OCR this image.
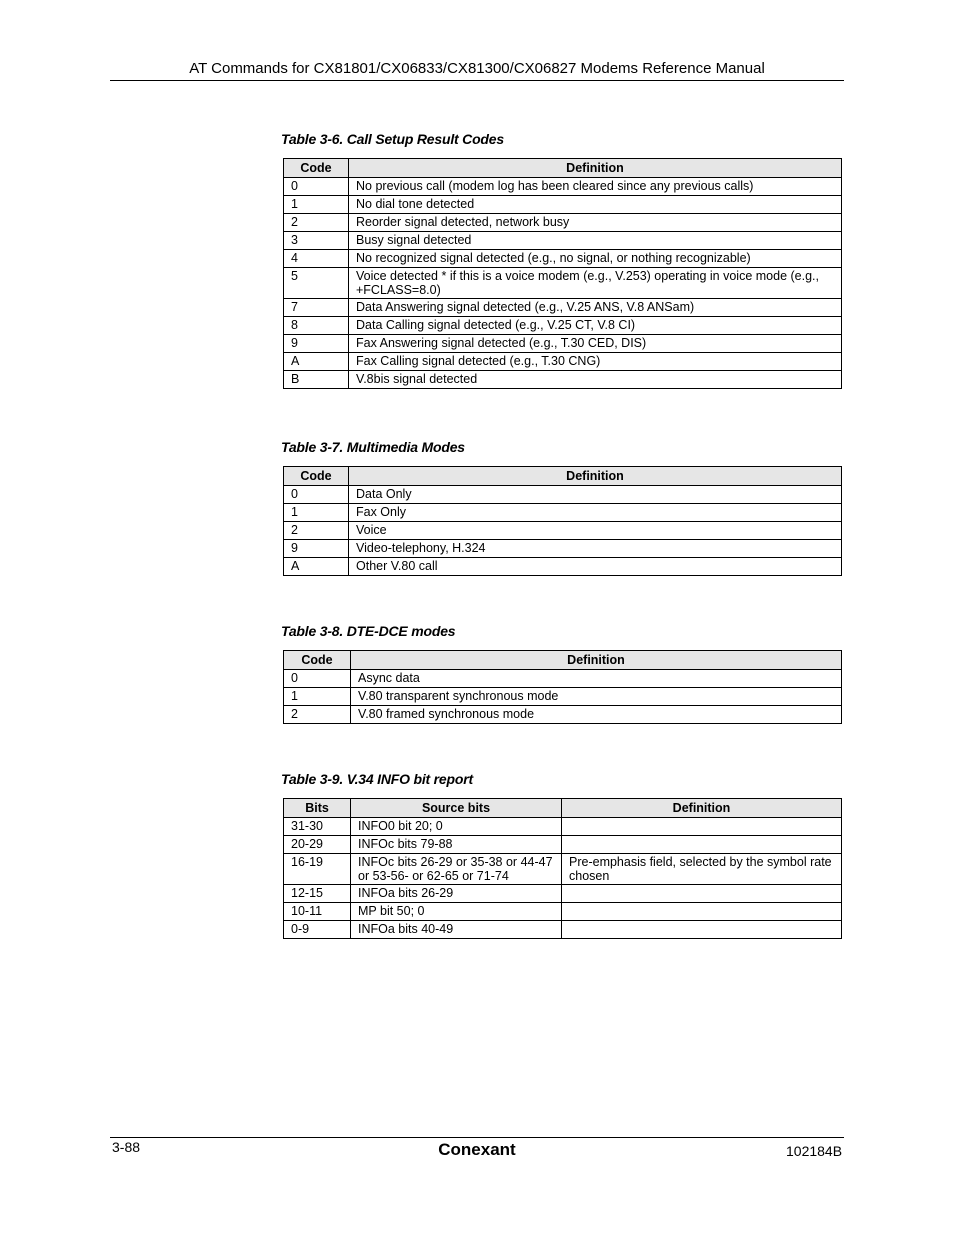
AT Commands for CX81801/CX06833/CX81300/CX06827 Modems Reference Manual
Table 3-6. Call Setup Result Codes
Code	Definition
0	No previous call (modem log has been cleared since any previous calls)
1	No dial tone detected
2	Reorder signal detected, network busy
3	Busy signal detected
4	No recognized signal detected (e.g., no signal, or nothing recognizable)
5	Voice detected * if this is a voice modem (e.g., V.253) operating in voice mode (e.g., +FCLASS=8.0)
7	Data Answering signal detected (e.g., V.25 ANS, V.8 ANSam)
8	Data Calling signal detected (e.g., V.25 CT, V.8 CI)
9	Fax Answering signal detected (e.g., T.30 CED, DIS)
A	Fax Calling signal detected (e.g., T.30 CNG)
B	V.8bis signal detected
Table 3-7. Multimedia Modes
Code	Definition
0	Data Only
1	Fax Only
2	Voice
9	Video-telephony, H.324
A	Other V.80 call
Table 3-8. DTE-DCE modes
Code	Definition
0	Async data
1	V.80 transparent synchronous mode
2	V.80 framed synchronous mode
Table 3-9. V.34 INFO bit report
Bits	Source bits	Definition
31-30	INFO0 bit 20; 0	
20-29	INFOc bits 79-88	
16-19	INFOc bits 26-29 or 35-38 or 44-47 or 53-56- or 62-65 or 71-74	Pre-emphasis field, selected by the symbol rate chosen
12-15	INFOa bits 26-29	
10-11	MP bit 50; 0	
0-9	INFOa bits 40-49	
3-88	Conexant	102184B
